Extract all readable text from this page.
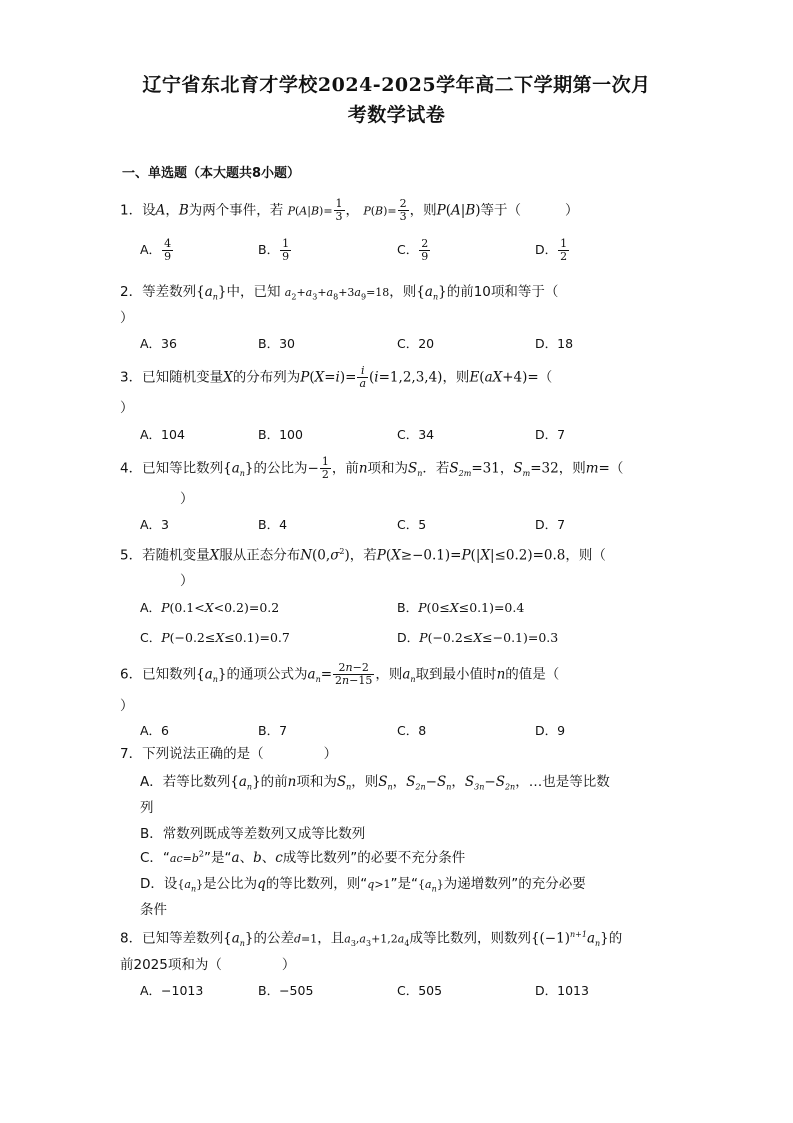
辽宁省东北育才学校2024-2025学年高二下学期第一次月
考数学试卷
一、单选题（本大题共8小题）
1．设A，B为两个事件，若 $P(A|B)= \frac{1}{3}$ ， $P(B)= \frac{2}{3}$ ，则P(A|B)等于（	）
A． $\frac{4}{9}$	B． $\frac{1}{9}$	C． $\frac{2}{9}$	D． $\frac{1}{2}$
2．等差数列$\{a_n\}$中，已知 $a_2+a_3+a_8+3a_9=18$，则$\{a_n\}$的前10项和等于（
）
A．36	B．30	C．20	D．18
3．已知随机变量X的分布列为$P(X=i)= \frac{i}{a} (i=1,2,3,4)$，则E(aX+4)=（
）
A．104	B．100	C．34	D．7
4．已知等比数列$\{a_n\}$的公比为− $\frac{1}{2}$ ，前n项和为$S_n$．若$S_{2m}=31$，$S_m=32$，则m=（
）
A．3	B．4	C．5	D．7
5．若随机变量X服从正态分布$N(0,\sigma^2)$，若P(X≥−0.1)=P(|X|≤0.2)=0.8，则（
）
A．P(0.1<X<0.2)=0.2	B．P(0≤X≤0.1)=0.4
C．P(−0.2≤X≤0.1)=0.7	D．P(−0.2≤X≤−0.1)=0.3
6．已知数列$\{a_n\}$的通项公式为$a_n= \frac{2n-2}{2n-15}$ ，则$a_n$取到最小值时n的值是（
）
A．6	B．7	C．8	D．9
7．下列说法正确的是（	）
A．若等比数列$\{a_n\}$的前n项和为$S_n$，则$S_n$，$S_{2n}-S_n$，$S_{3n}-S_{2n}$，…也是等比数
列
B．常数列既成等差数列又成等比数列
C．“$ac=b^2$”是“a、b、c成等比数列”的必要不充分条件
D．设$\{a_n\}$是公比为q的等比数列，则“q>1”是“$\{a_n\}$为递增数列”的充分必要
条件
8．已知等差数列$\{a_n\}$的公差d=1，且$a_3,a_3+1,2a_4$成等比数列，则数列$\{(-1)^{n+1}a_n\}$的
前2025项和为（	）
A．−1013	B．−505	C．505	D．1013
